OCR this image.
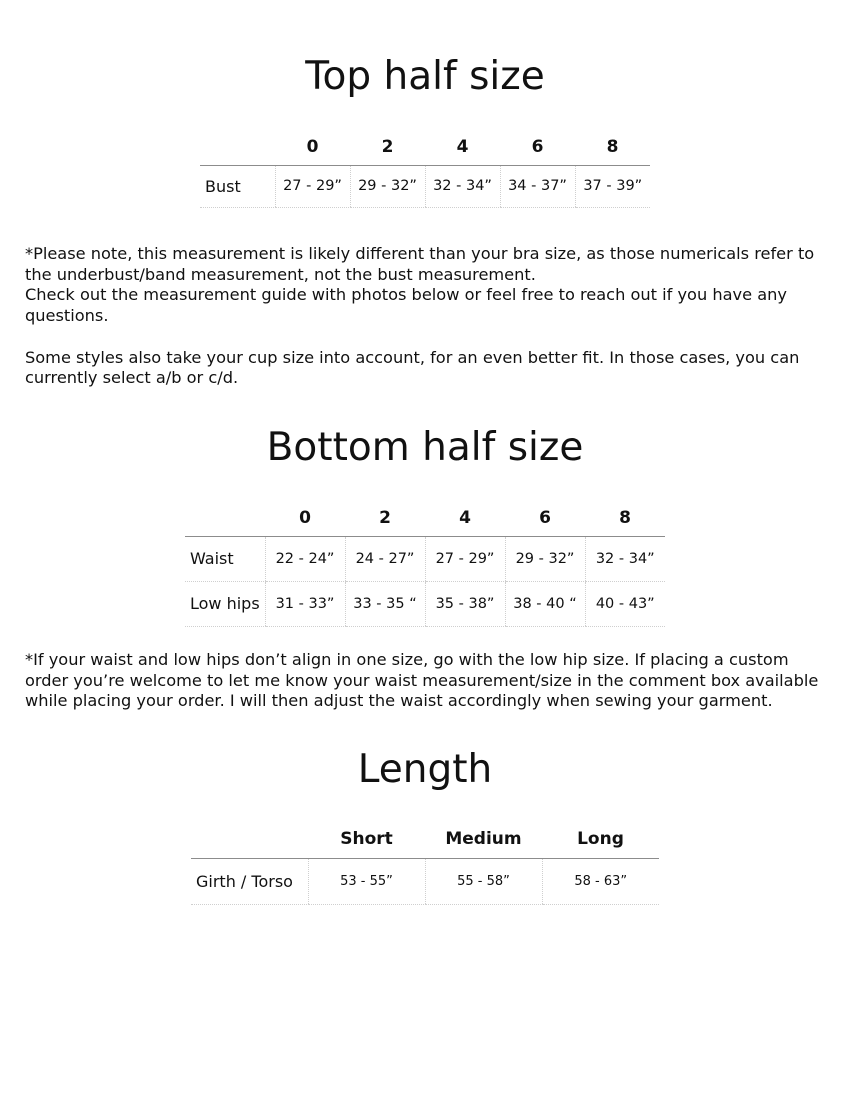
Top half size
	0	2	4	6	8
Bust	27 - 29”	29 - 32”	32 - 34”	34 - 37”	37 - 39”

*Please note, this measurement is likely different than your bra size, as those numericals refer to the underbust/band measurement, not the bust measurement.

Check out the measurement guide with photos below or feel free to reach out if you have any questions.

Some styles also take your cup size into account, for an even better fit. In those cases, you can currently select a/b or c/d.

Bottom half size
	0	2	4	6	8
Waist	22 - 24”	24 - 27”	27 - 29”	29 - 32”	32 - 34”
Low hips	31 - 33”	33 - 35 “	35 - 38”	38 - 40 “	40 - 43”

*If your waist and low hips don’t align in one size, go with the low hip size. If placing a custom order you’re welcome to let me know your waist measurement/size in the comment box available while placing your order. I will then adjust the waist accordingly when sewing your garment.

Length
	Short	Medium	Long
Girth / Torso	53 - 55”	55 - 58”	58 - 63”
